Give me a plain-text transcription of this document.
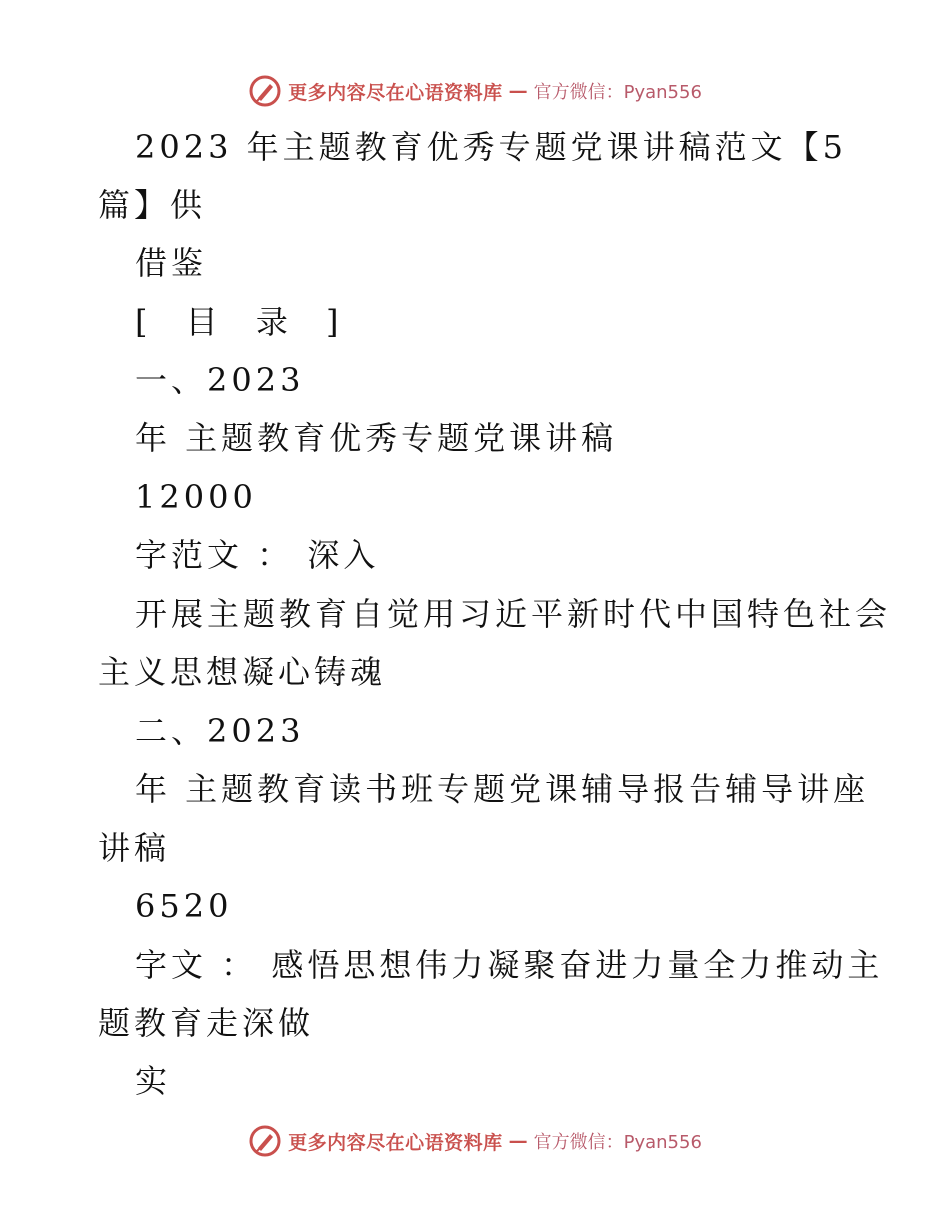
更多内容尽在心语资料库 — 官方微信：Pyan556
2023 年主题教育优秀专题党课讲稿范文【5
篇】供
借鉴
[ 目 录 ]
一、2023
年 主题教育优秀专题党课讲稿
12000
字范文 ： 深入
开展主题教育自觉用习近平新时代中国特色社会
主义思想凝心铸魂
二、2023
年 主题教育读书班专题党课辅导报告辅导讲座
讲稿
6520
字文 ： 感悟思想伟力凝聚奋进力量全力推动主
题教育走深做
实
更多内容尽在心语资料库 — 官方微信：Pyan556
